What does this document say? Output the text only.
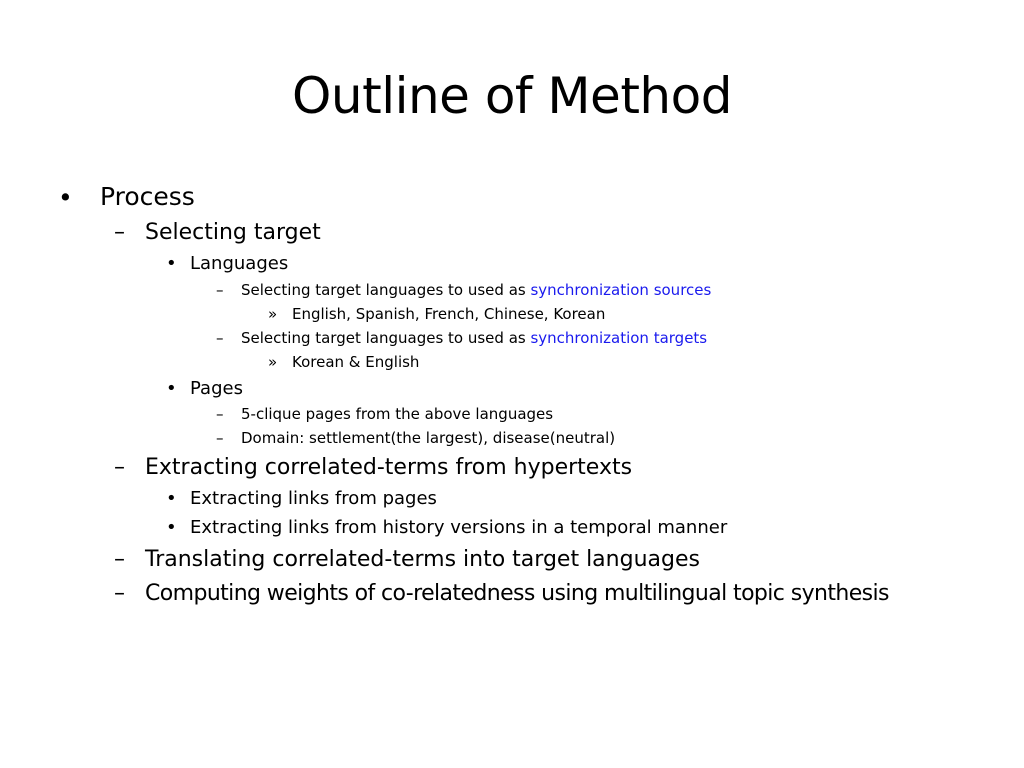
Outline of Method
• Process
– Selecting target
• Languages
– Selecting target languages to used as synchronization sources
» English, Spanish, French, Chinese, Korean
– Selecting target languages to used as synchronization targets
» Korean & English
• Pages
– 5-clique pages from the above languages
– Domain: settlement(the largest), disease(neutral)
– Extracting correlated-terms from hypertexts
• Extracting links from pages
• Extracting links from history versions in a temporal manner
– Translating correlated-terms into target languages
– Computing weights of co-relatedness using multilingual topic synthesis
